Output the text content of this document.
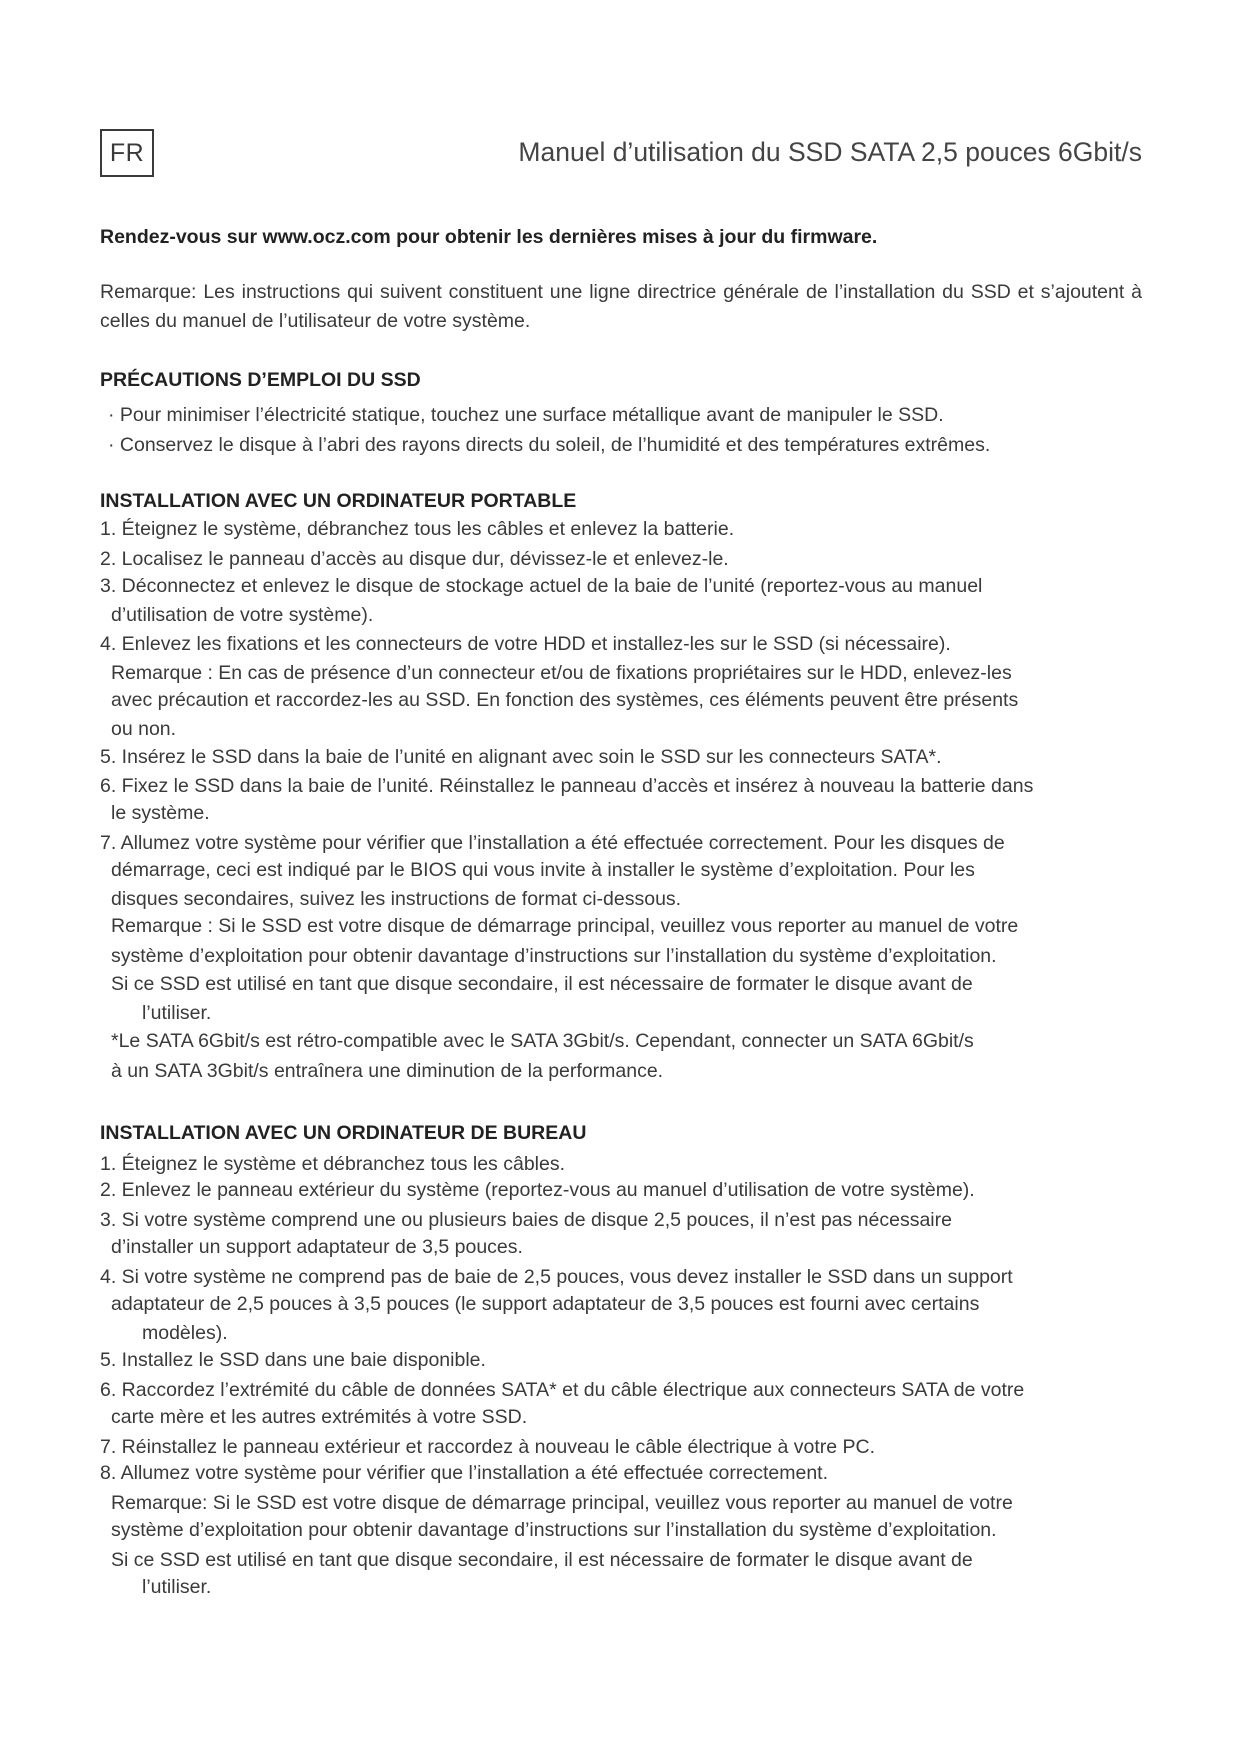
FR	Manuel d’utilisation du SSD SATA 2,5 pouces 6Gbit/s
Rendez-vous sur www.ocz.com pour obtenir les dernières mises à jour du firmware.
Remarque: Les instructions qui suivent constituent une ligne directrice générale de l’installation du SSD et s’ajoutent à celles du manuel de l’utilisateur de votre système.
PRÉCAUTIONS D’EMPLOI DU SSD
· Pour minimiser l’électricité statique, touchez une surface métallique avant de manipuler le SSD.
· Conservez le disque à l’abri des rayons directs du soleil, de l’humidité et des températures extrêmes.
INSTALLATION AVEC UN ORDINATEUR PORTABLE
1. Éteignez le système, débranchez tous les câbles et enlevez la batterie.
2. Localisez le panneau d’accès au disque dur, dévissez-le et enlevez-le.
3. Déconnectez et enlevez le disque de stockage actuel de la baie de l’unité (reportez-vous au manuel
d’utilisation de votre système).
4. Enlevez les fixations et les connecteurs de votre HDD et installez-les sur le SSD (si nécessaire).
Remarque : En cas de présence d’un connecteur et/ou de fixations propriétaires sur le HDD, enlevez-les
avec précaution et raccordez-les au SSD. En fonction des systèmes, ces éléments peuvent être présents
ou non.
5. Insérez le SSD dans la baie de l’unité en alignant avec soin le SSD sur les connecteurs SATA*.
6. Fixez le SSD dans la baie de l’unité. Réinstallez le panneau d’accès et insérez à nouveau la batterie dans
le système.
7. Allumez votre système pour vérifier que l’installation a été effectuée correctement. Pour les disques de
démarrage, ceci est indiqué par le BIOS qui vous invite à installer le système d’exploitation. Pour les
disques secondaires, suivez les instructions de format ci-dessous.
Remarque : Si le SSD est votre disque de démarrage principal, veuillez vous reporter au manuel de votre
système d’exploitation pour obtenir davantage d’instructions sur l’installation du système d’exploitation.
Si ce SSD est utilisé en tant que disque secondaire, il est nécessaire de formater le disque avant de
l’utiliser.
*Le SATA 6Gbit/s est rétro-compatible avec le SATA 3Gbit/s. Cependant, connecter un SATA 6Gbit/s
à un SATA 3Gbit/s entraînera une diminution de la performance.
INSTALLATION AVEC UN ORDINATEUR DE BUREAU
1. Éteignez le système et débranchez tous les câbles.
2. Enlevez le panneau extérieur du système (reportez-vous au manuel d’utilisation de votre système).
3. Si votre système comprend une ou plusieurs baies de disque 2,5 pouces, il n’est pas nécessaire
d’installer un support adaptateur de 3,5 pouces.
4. Si votre système ne comprend pas de baie de 2,5 pouces, vous devez installer le SSD dans un support
adaptateur de 2,5 pouces à 3,5 pouces (le support adaptateur de 3,5 pouces est fourni avec certains
modèles).
5. Installez le SSD dans une baie disponible.
6. Raccordez l’extrémité du câble de données SATA* et du câble électrique aux connecteurs SATA de votre
carte mère et les autres extrémités à votre SSD.
7. Réinstallez le panneau extérieur et raccordez à nouveau le câble électrique à votre PC.
8. Allumez votre système pour vérifier que l’installation a été effectuée correctement.
Remarque: Si le SSD est votre disque de démarrage principal, veuillez vous reporter au manuel de votre
système d’exploitation pour obtenir davantage d’instructions sur l’installation du système d’exploitation.
Si ce SSD est utilisé en tant que disque secondaire, il est nécessaire de formater le disque avant de
l’utiliser.
